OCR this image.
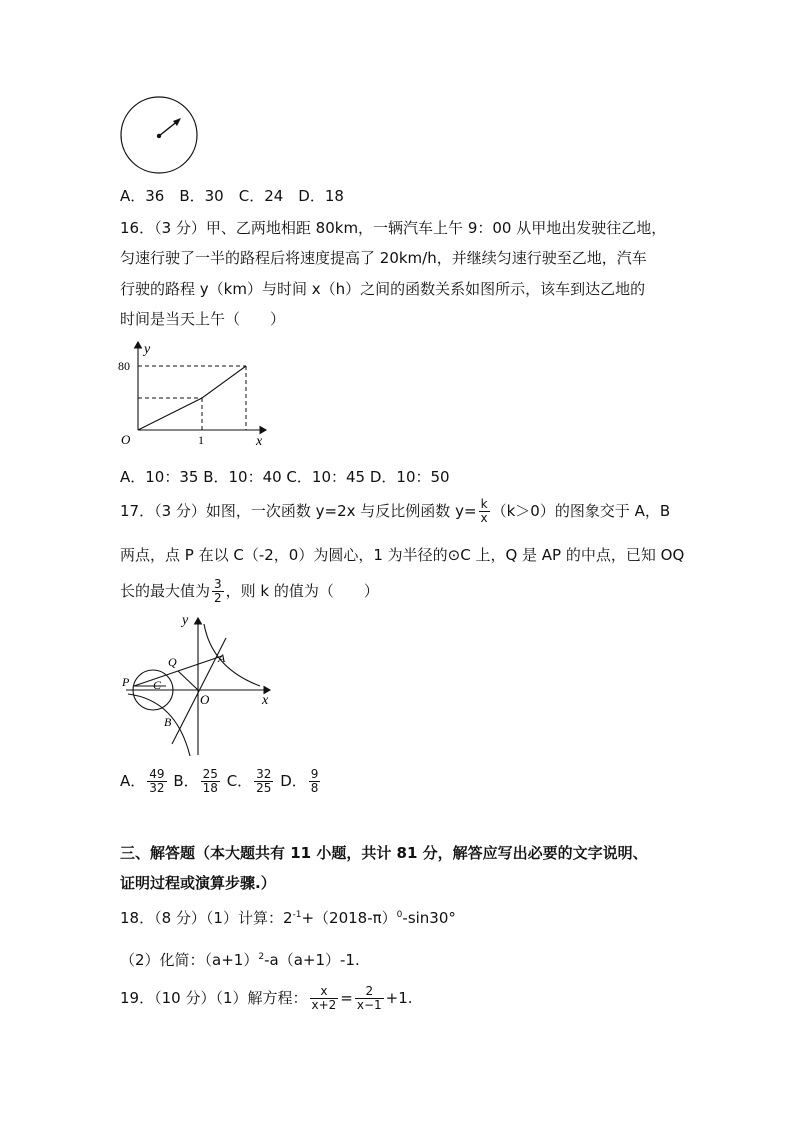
A．36　B．30　C．24　D．18
16．（3 分）甲、乙两地相距 80km，一辆汽车上午 9：00 从甲地出发驶往乙地，
匀速行驶了一半的路程后将速度提高了 20km/h，并继续匀速行驶至乙地，汽车
行驶的路程 y（km）与时间 x（h）之间的函数关系如图所示，该车到达乙地的
时间是当天上午（　　）
y
x
O
80
1
A．10：35 B．10：40 C．10：45 D．10：50
17．（3 分）如图，一次函数 y=2x 与反比例函数 $y= \frac{k}{x} (k>0)$的图象交于 A，B
两点，点 P 在以 C（-2，0）为圆心，1 为半径的⊙C 上，Q 是 AP 的中点，已知 OQ
长的最大值为 $\frac{3}{2}$ ，则 k 的值为（　　）
y
x
O
A
B
P C
Q
A． $\frac{49}{32}$ B． $\frac{25}{18}$ C． $\frac{32}{25}$ D． $\frac{9}{8}$
三、解答题（本大题共有 11 小题，共计 81 分，解答应写出必要的文字说明、
证明过程或演算步骤.）
18．（8 分）（1）计算：$2^{-1}+(2018-\pi)^0-\sin 30^\circ$
（2）化简：$(a+1)^2-a(a+1)-1$.
19．（10 分）（1）解方程： $\frac{x}{x+2} = \frac{2}{x-1} +1$.
